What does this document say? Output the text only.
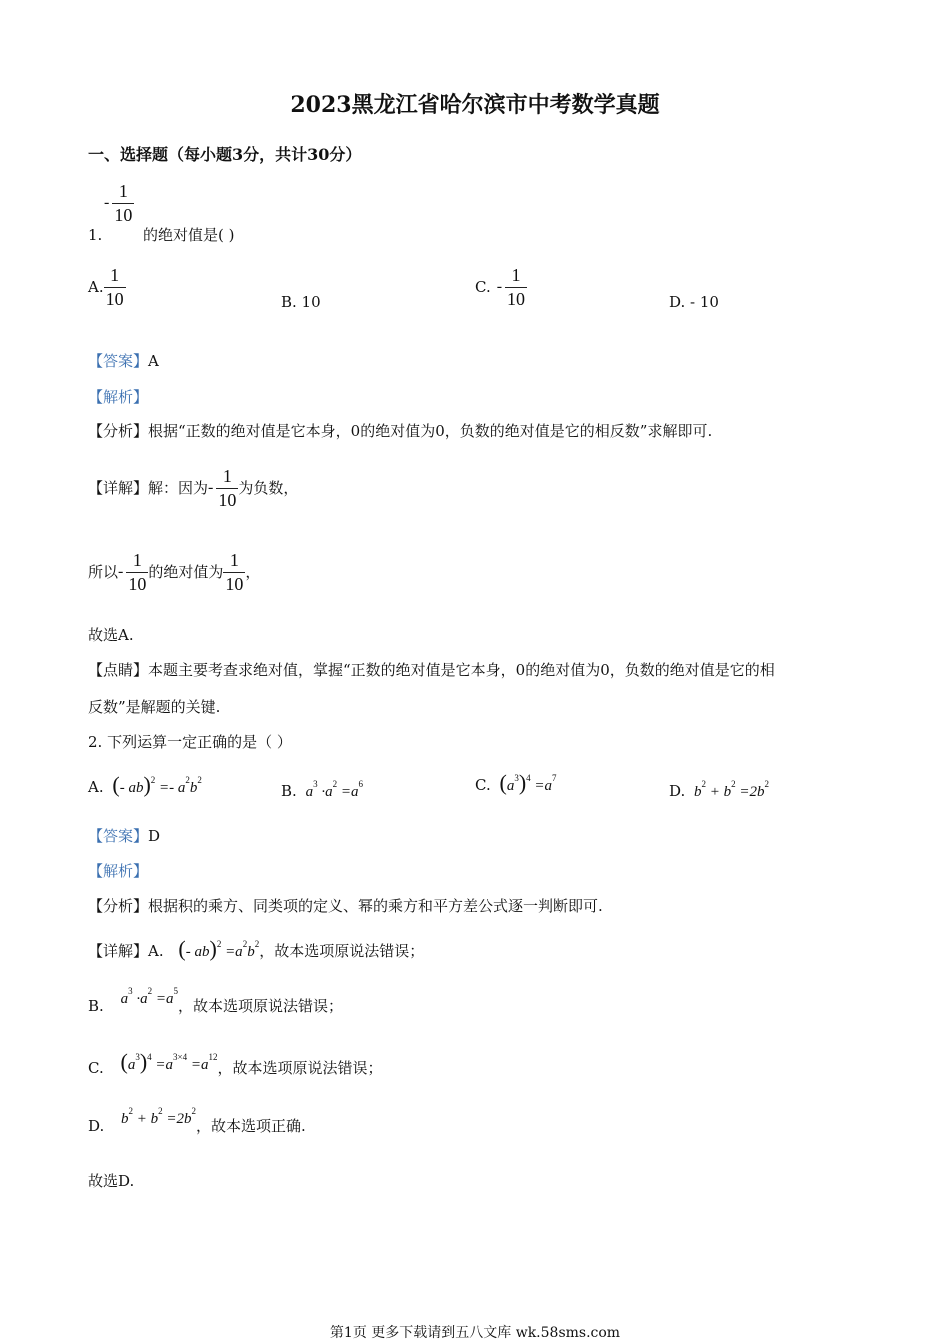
2023黑龙江省哈尔滨市中考数学真题
一、选择题（每小题3分，共计30分）
- $\frac{1}{10}$
1.	的绝对值是( )
A. $\frac{1}{10}$	B. 10
C. - $\frac{1}{10}$	D. - 10
【答案】A
【解析】
【分析】根据“正数的绝对值是它本身，0的绝对值为0，负数的绝对值是它的相反数”求解即可.
【详解】解：因为- $\frac{1}{10}$ 为负数，
所以- $\frac{1}{10}$ 的绝对值为 $\frac{1}{10}$ ，
故选A.
【点睛】本题主要考查求绝对值，掌握“正数的绝对值是它本身，0的绝对值为0，负数的绝对值是它的相
反数”是解题的关键.
2. 下列运算一定正确的是（ ）
A. (- $ab)^2 =- a^2b^2$
B. $a^3 \cdot a^2 =a^6$	C. $(a^3)^4 =a^7$
D. $b^2 + b^2 =2b^2$
【答案】D
【解析】
【分析】根据积的乘方、同类项的定义、幂的乘方和平方差公式逐一判断即可.
【详解】A. (- $ab)^2 =a^2b^2$，故本选项原说法错误；
B. $a^3 \cdot a^2 =a^5$，故本选项原说法错误；
C. $(a^3)^4 =a^{3\times 4} =a^{12}$，故本选项原说法错误；
D. $b^2 + b^2 =2b^2$，故本选项正确.
故选D.
第1页 更多下载请到五八文库 wk.58sms.com
